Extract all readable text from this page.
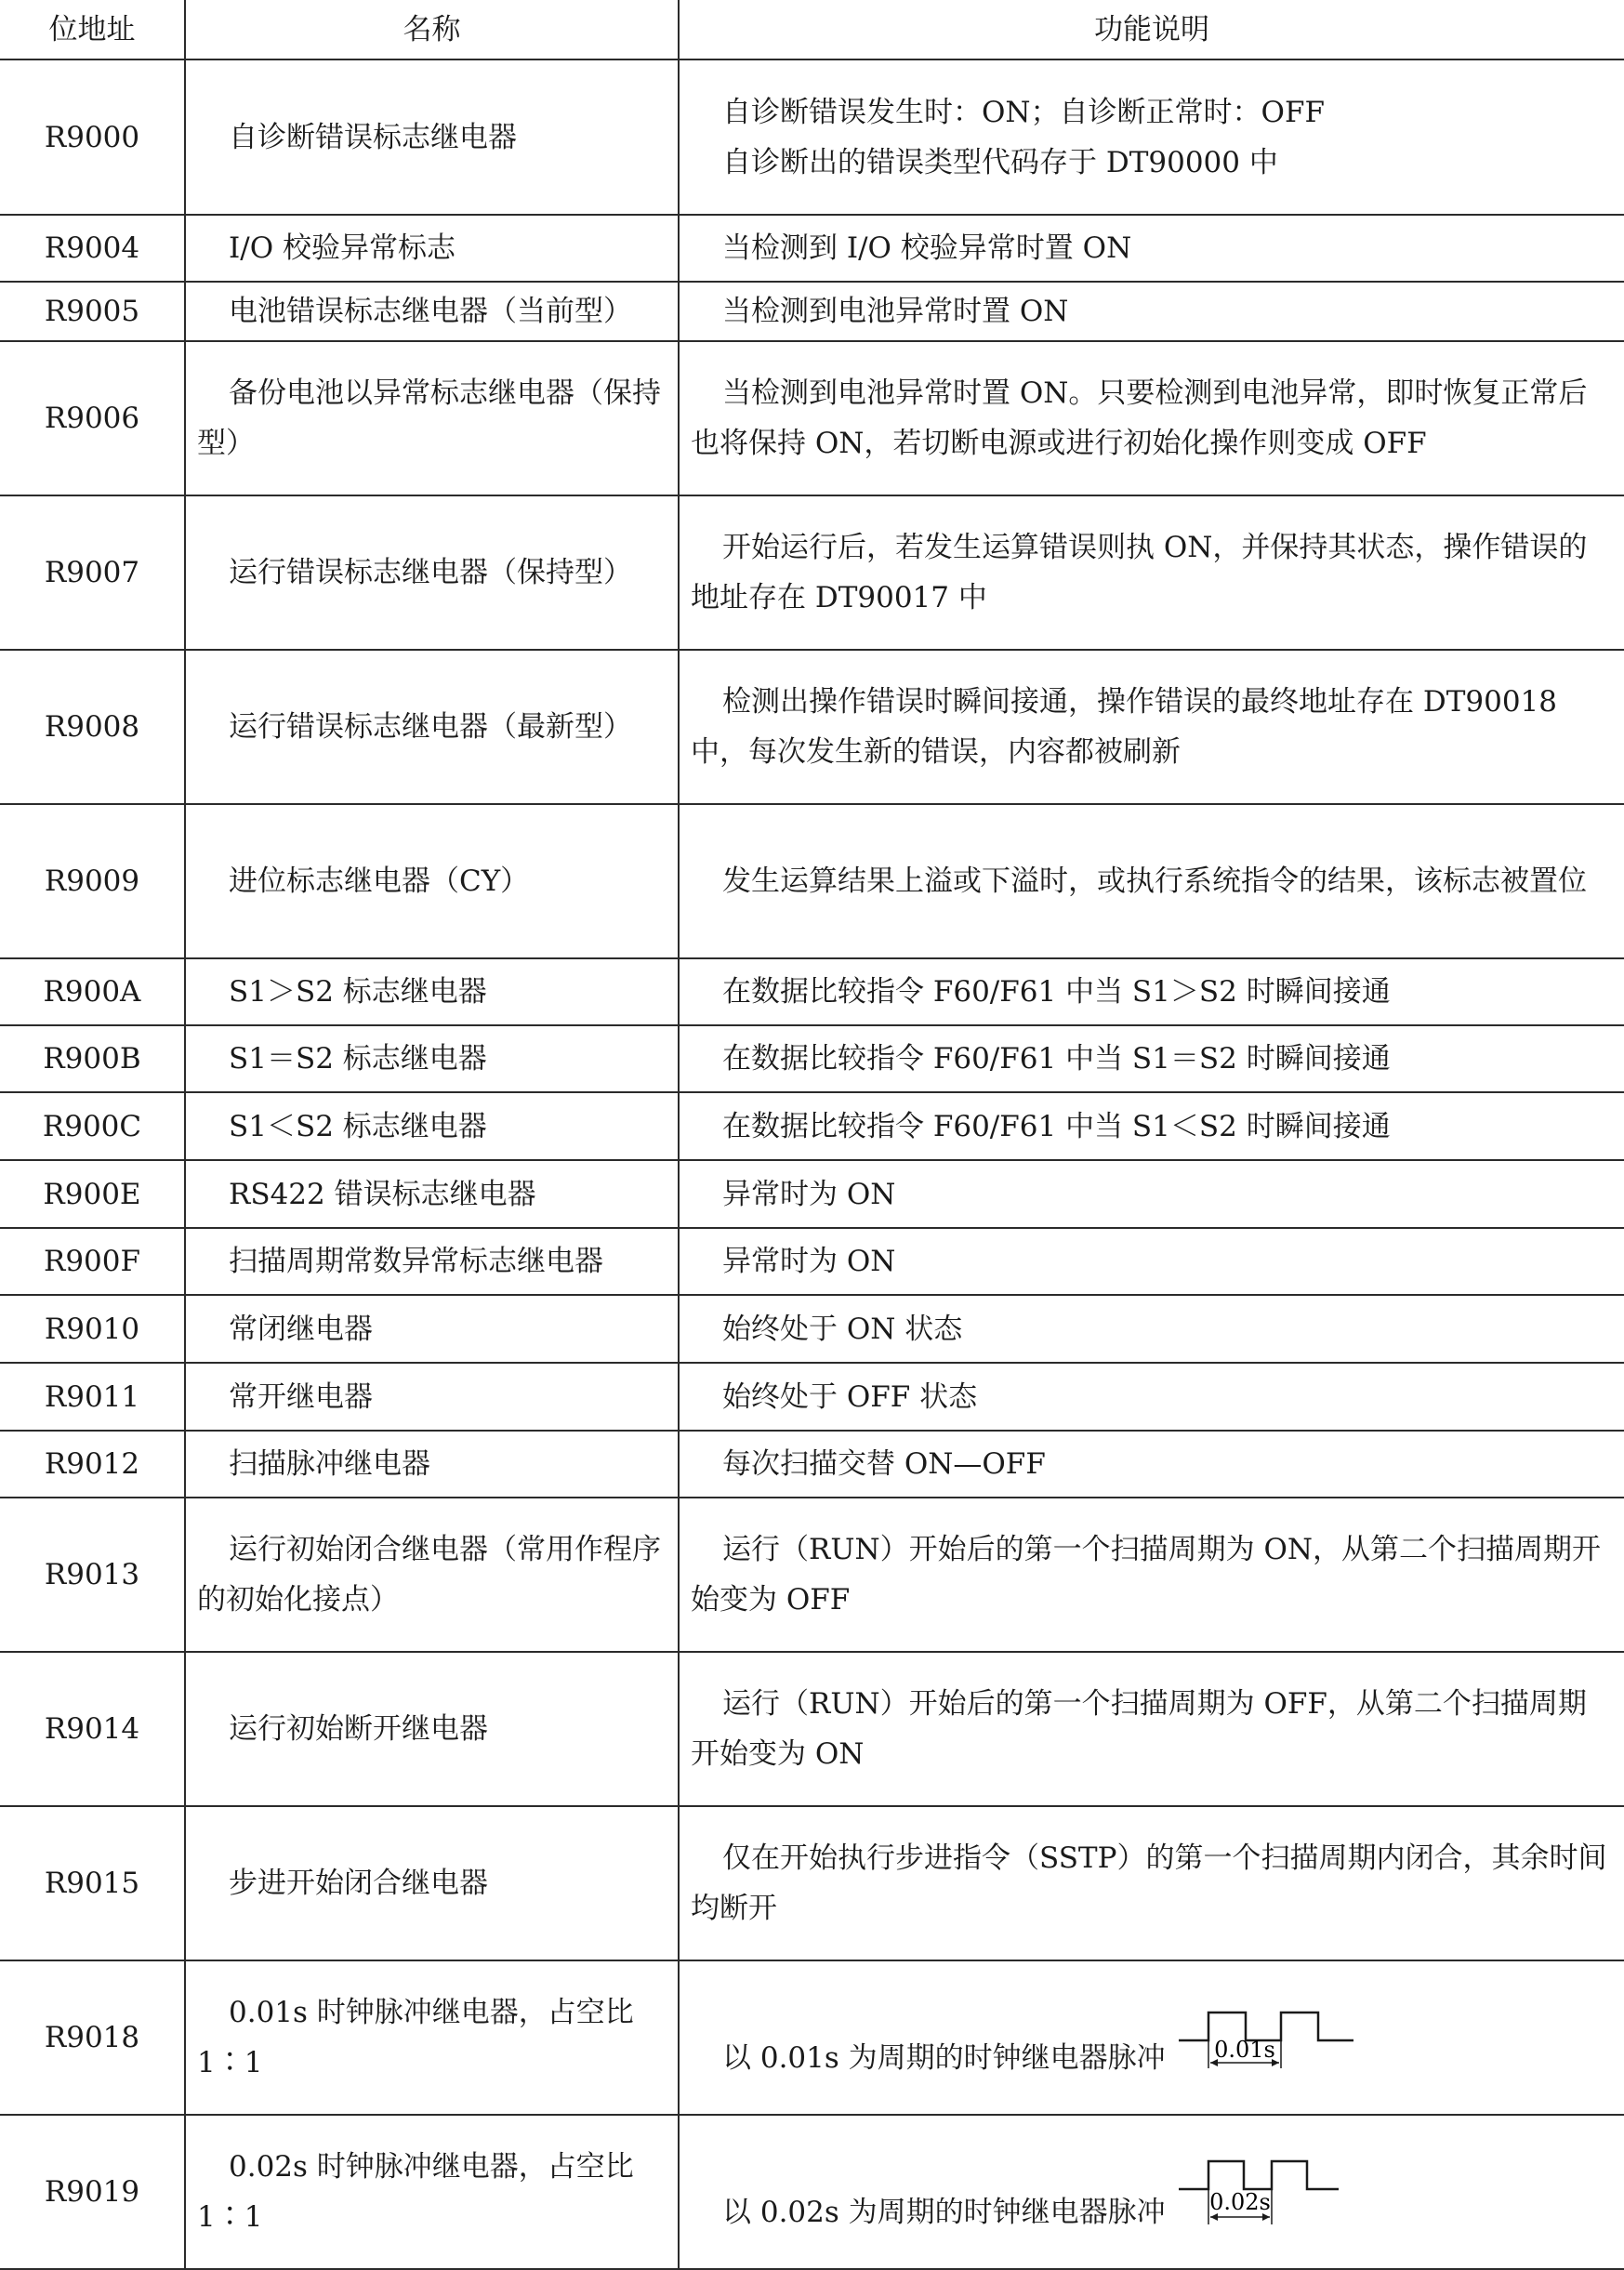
位地址	名称	功能说明
R9000	自诊断错误标志继电器	自诊断错误发生时：ON；自诊断正常时：OFF
自诊断出的错误类型代码存于 DT90000 中

R9004	I/O 校验异常标志	当检测到 I/O 校验异常时置 ON
R9005	电池错误标志继电器（当前型）	当检测到电池异常时置 ON
R9006	备份电池以异常标志继电器（保持型）	当检测到电池异常时置 ON。只要检测到电池异常，即时恢复正常后也将保持 ON，若切断电源或进行初始化操作则变成 OFF
R9007	运行错误标志继电器（保持型）	开始运行后，若发生运算错误则执 ON，并保持其状态，操作错误的地址存在 DT90017 中
R9008	运行错误标志继电器（最新型）	检测出操作错误时瞬间接通，操作错误的最终地址存在 DT90018 中，每次发生新的错误，内容都被刷新
R9009	进位标志继电器（CY）	发生运算结果上溢或下溢时，或执行系统指令的结果，该标志被置位
R900A	S1＞S2 标志继电器	在数据比较指令 F60/F61 中当 S1＞S2 时瞬间接通
R900B	S1＝S2 标志继电器	在数据比较指令 F60/F61 中当 S1＝S2 时瞬间接通
R900C	S1＜S2 标志继电器	在数据比较指令 F60/F61 中当 S1＜S2 时瞬间接通
R900E	RS422 错误标志继电器	异常时为 ON
R900F	扫描周期常数异常标志继电器	异常时为 ON
R9010	常闭继电器	始终处于 ON 状态
R9011	常开继电器	始终处于 OFF 状态
R9012	扫描脉冲继电器	每次扫描交替 ON—OFF
R9013	运行初始闭合继电器（常用作程序的初始化接点）	运行（RUN）开始后的第一个扫描周期为 ON，从第二个扫描周期开始变为 OFF
R9014	运行初始断开继电器	运行（RUN）开始后的第一个扫描周期为 OFF，从第二个扫描周期开始变为 ON
R9015	步进开始闭合继电器	仅在开始执行步进指令（SSTP）的第一个扫描周期内闭合，其余时间均断开
R9018	0.01s 时钟脉冲继电器，占空比 1∶1	以 0.01s 为周期的时钟继电器脉冲 0.01s

R9019	0.02s 时钟脉冲继电器，占空比 1∶1	以 0.02s 为周期的时钟继电器脉冲 0.02s
